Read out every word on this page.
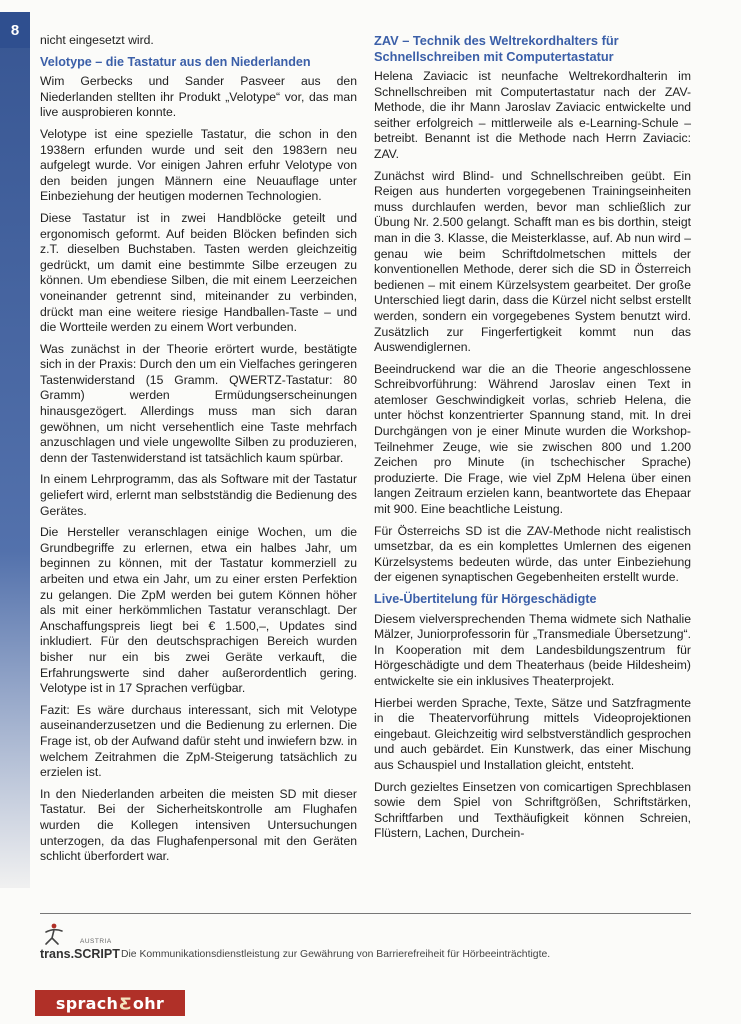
8

nicht eingesetzt wird.

Velotype – die Tastatur aus den Niederlanden

Wim Gerbecks und Sander Pasveer aus den Niederlanden stellten ihr Produkt „Velotype“ vor, das man live ausprobieren konnte.

Velotype ist eine spezielle Tastatur, die schon in den 1938ern erfunden wurde und seit den 1983ern neu aufgelegt wurde. Vor einigen Jahren erfuhr Velotype von den beiden jungen Männern eine Neuauflage unter Einbeziehung der heutigen modernen Technologien.

Diese Tastatur ist in zwei Handblöcke geteilt und ergonomisch geformt. Auf beiden Blöcken befinden sich z.T. dieselben Buchstaben. Tasten werden gleichzeitig gedrückt, um damit eine bestimmte Silbe erzeugen zu können. Um ebendiese Silben, die mit einem Leerzeichen voneinander getrennt sind, miteinander zu verbinden, drückt man eine weitere riesige Handballen-Taste – und die Wortteile werden zu einem Wort verbunden.

Was zunächst in der Theorie erörtert wurde, bestätigte sich in der Praxis: Durch den um ein Vielfaches geringeren Tastenwiderstand (15 Gramm. QWERTZ-Tastatur: 80 Gramm) werden Ermüdungserscheinungen hinausgezögert. Allerdings muss man sich daran gewöhnen, um nicht versehentlich eine Taste mehrfach anzuschlagen und viele ungewollte Silben zu produzieren, denn der Tastenwiderstand ist tatsächlich kaum spürbar.

In einem Lehrprogramm, das als Software mit der Tastatur geliefert wird, erlernt man selbstständig die Bedienung des Gerätes.

Die Hersteller veranschlagen einige Wochen, um die Grundbegriffe zu erlernen, etwa ein halbes Jahr, um beginnen zu können, mit der Tastatur kommerziell zu arbeiten und etwa ein Jahr, um zu einer ersten Perfektion zu gelangen. Die ZpM werden bei gutem Können höher als mit einer herkömmlichen Tastatur veranschlagt. Der Anschaffungspreis liegt bei € 1.500,–, Updates sind inkludiert. Für den deutschsprachigen Bereich wurden bisher nur ein bis zwei Geräte verkauft, die Erfahrungswerte sind daher außerordentlich gering. Velotype ist in 17 Sprachen verfügbar.

Fazit: Es wäre durchaus interessant, sich mit Velotype auseinanderzusetzen und die Bedienung zu erlernen. Die Frage ist, ob der Aufwand dafür steht und inwiefern bzw. in welchem Zeitrahmen die ZpM-Steigerung tatsächlich zu erzielen ist.

In den Niederlanden arbeiten die meisten SD mit dieser Tastatur. Bei der Sicherheitskontrolle am Flughafen wurden die Kollegen intensiven Untersuchungen unterzogen, da das Flughafenpersonal mit den Geräten schlicht überfordert war.

ZAV – Technik des Weltrekordhalters für Schnellschreiben mit Computertastatur

Helena Zaviacic ist neunfache Weltrekordhalterin im Schnellschreiben mit Computertastatur nach der ZAV-Methode, die ihr Mann Jaroslav Zaviacic entwickelte und seither erfolgreich – mittlerweile als e-Learning-Schule – betreibt. Benannt ist die Methode nach Herrn Zaviacic: ZAV.

Zunächst wird Blind- und Schnellschreiben geübt. Ein Reigen aus hunderten vorgegebenen Trainingseinheiten muss durchlaufen werden, bevor man schließlich zur Übung Nr. 2.500 gelangt. Schafft man es bis dorthin, steigt man in die 3. Klasse, die Meisterklasse, auf. Ab nun wird – genau wie beim Schriftdolmetschen mittels der konventionellen Methode, derer sich die SD in Österreich bedienen – mit einem Kürzelsystem gearbeitet. Der große Unterschied liegt darin, dass die Kürzel nicht selbst erstellt werden, sondern ein vorgegebenes System benutzt wird. Zusätzlich zur Fingerfertigkeit kommt nun das Auswendiglernen.

Beeindruckend war die an die Theorie angeschlossene Schreibvorführung: Während Jaroslav einen Text in atemloser Geschwindigkeit vorlas, schrieb Helena, die unter höchst konzentrierter Spannung stand, mit. In drei Durchgängen von je einer Minute wurden die Workshop-Teilnehmer Zeuge, wie sie zwischen 800 und 1.200 Zeichen pro Minute (in tschechischer Sprache) produzierte. Die Frage, wie viel ZpM Helena über einen langen Zeitraum erzielen kann, beantwortete das Ehepaar mit 900. Eine beachtliche Leistung.

Für Österreichs SD ist die ZAV-Methode nicht realistisch umsetzbar, da es ein komplettes Umlernen des eigenen Kürzelsystems bedeuten würde, das unter Einbeziehung der eigenen synaptischen Gegebenheiten erstellt wurde.

Live-Übertitelung für Hörgeschädigte

Diesem vielversprechenden Thema widmete sich Nathalie Mälzer, Juniorprofessorin für „Transmediale Übersetzung“. In Kooperation mit dem Landesbildungszentrum für Hörgeschädigte und dem Theaterhaus (beide Hildesheim) entwickelte sie ein inklusives Theaterprojekt.

Hierbei werden Sprache, Texte, Sätze und Satzfragmente in die Theatervorführung mittels Videoprojektionen eingebaut. Gleichzeitig wird selbstverständlich gesprochen und auch gebärdet. Ein Kunstwerk, das einer Mischung aus Schauspiel und Installation gleicht, entsteht.

Durch gezieltes Einsetzen von comicartigen Sprechblasen sowie dem Spiel von Schriftgrößen, Schriftstärken, Schriftfarben und Texthäufigkeit können Schreien, Flüstern, Lachen, Durchein-

AUSTRIA
trans.SCRIPT Die Kommunikationsdienstleistung zur Gewährung von Barrierefreiheit für Hörbeeinträchtigte.
sprach Ƹ ohr
